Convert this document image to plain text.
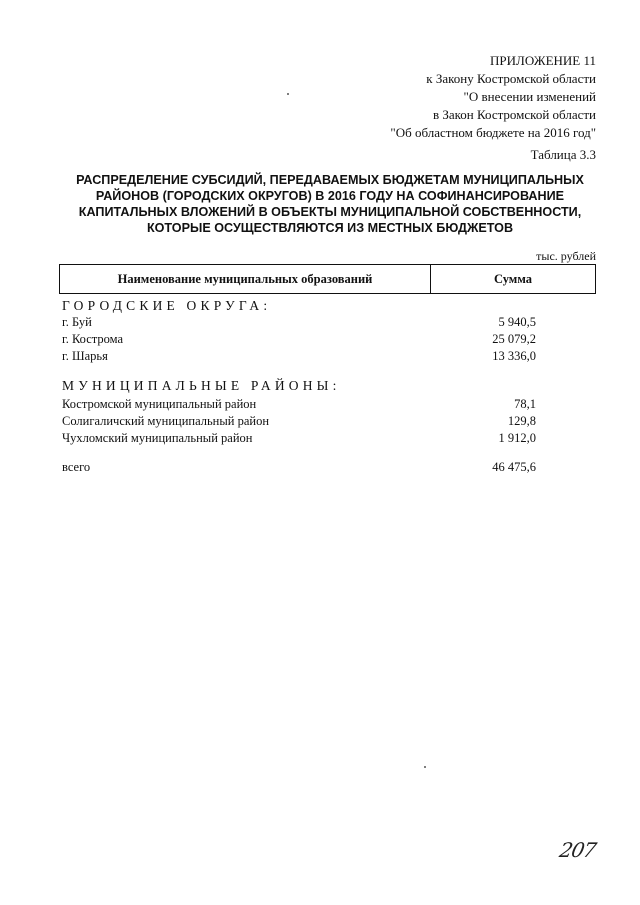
ПРИЛОЖЕНИЕ 11
к Закону Костромской области
"О внесении изменений
в Закон Костромской области
"Об областном бюджете на 2016 год"
Таблица 3.3
РАСПРЕДЕЛЕНИЕ СУБСИДИЙ, ПЕРЕДАВАЕМЫХ БЮДЖЕТАМ МУНИЦИПАЛЬНЫХ
РАЙОНОВ (ГОРОДСКИХ ОКРУГОВ) В 2016 ГОДУ НА СОФИНАНСИРОВАНИЕ
КАПИТАЛЬНЫХ ВЛОЖЕНИЙ В ОБЪЕКТЫ МУНИЦИПАЛЬНОЙ СОБСТВЕННОСТИ,
КОТОРЫЕ ОСУЩЕСТВЛЯЮТСЯ ИЗ МЕСТНЫХ БЮДЖЕТОВ
тыс. рублей
Наименование муниципальных образований	Сумма
ГОРОДСКИЕ ОКРУГА:
г. Буй	5 940,5
г. Кострома	25 079,2
г. Шарья	13 336,0
МУНИЦИПАЛЬНЫЕ РАЙОНЫ:
Костромской муниципальный район	78,1
Солигаличский муниципальный район	129,8
Чухломский муниципальный район	1 912,0
всего	46 475,6
207
